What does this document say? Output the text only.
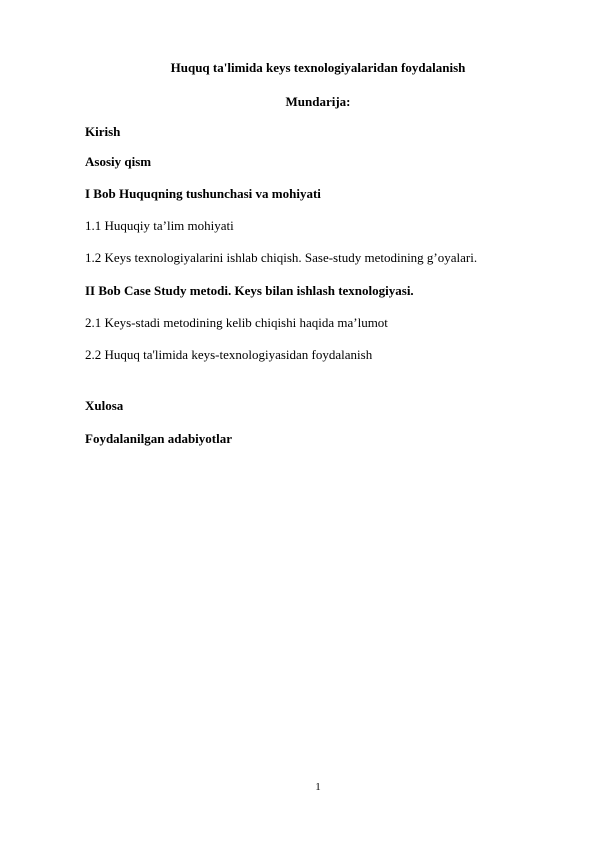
Huquq ta'limida keys texnologiyalaridan foydalanish
Mundarija:
Kirish
Asosiy qism
I Bob Huquqning tushunchasi va mohiyati
1.1 Huquqiy ta’lim mohiyati
1.2 Keys texnologiyalarini ishlab chiqish. Sase-study metodining g’oyalari.
II Bob Case Study metodi. Keys bilan ishlash texnologiyasi.
2.1 Keys-stadi metodining kelib chiqishi haqida ma’lumot
2.2 Huquq ta'limida keys-texnologiyasidan foydalanish
Xulosa
Foydalanilgan adabiyotlar
1
